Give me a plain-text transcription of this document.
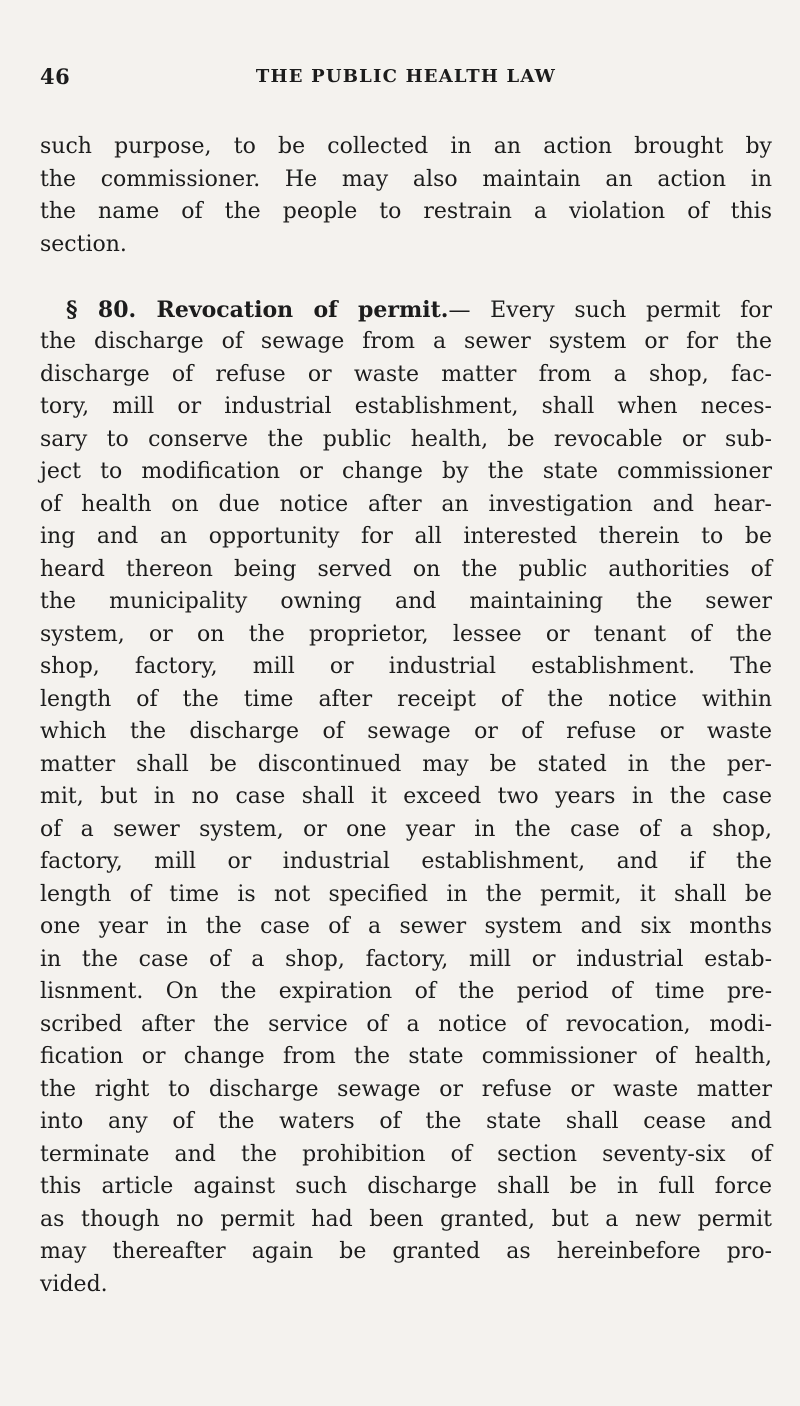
46	THE PUBLIC HEALTH LAW

such purpose, to be collected in an action brought by
the commissioner. He may also maintain an action in
the name of the people to restrain a violation of this
section.

§ 80. Revocation of permit.— Every such permit for
the discharge of sewage from a sewer system or for the
discharge of refuse or waste matter from a shop, fac-
tory, mill or industrial establishment, shall when neces-
sary to conserve the public health, be revocable or sub-
ject to modification or change by the state commissioner
of health on due notice after an investigation and hear-
ing and an opportunity for all interested therein to be
heard thereon being served on the public authorities of
the municipality owning and maintaining the sewer
system, or on the proprietor, lessee or tenant of the
shop, factory, mill or industrial establishment. The
length of the time after receipt of the notice within
which the discharge of sewage or of refuse or waste
matter shall be discontinued may be stated in the per-
mit, but in no case shall it exceed two years in the case
of a sewer system, or one year in the case of a shop,
factory, mill or industrial establishment, and if the
length of time is not specified in the permit, it shall be
one year in the case of a sewer system and six months
in the case of a shop, factory, mill or industrial estab-
lisnment. On the expiration of the period of time pre-
scribed after the service of a notice of revocation, modi-
fication or change from the state commissioner of health,
the right to discharge sewage or refuse or waste matter
into any of the waters of the state shall cease and
terminate and the prohibition of section seventy-six of
this article against such discharge shall be in full force
as though no permit had been granted, but a new permit
may thereafter again be granted as hereinbefore pro-
vided.
